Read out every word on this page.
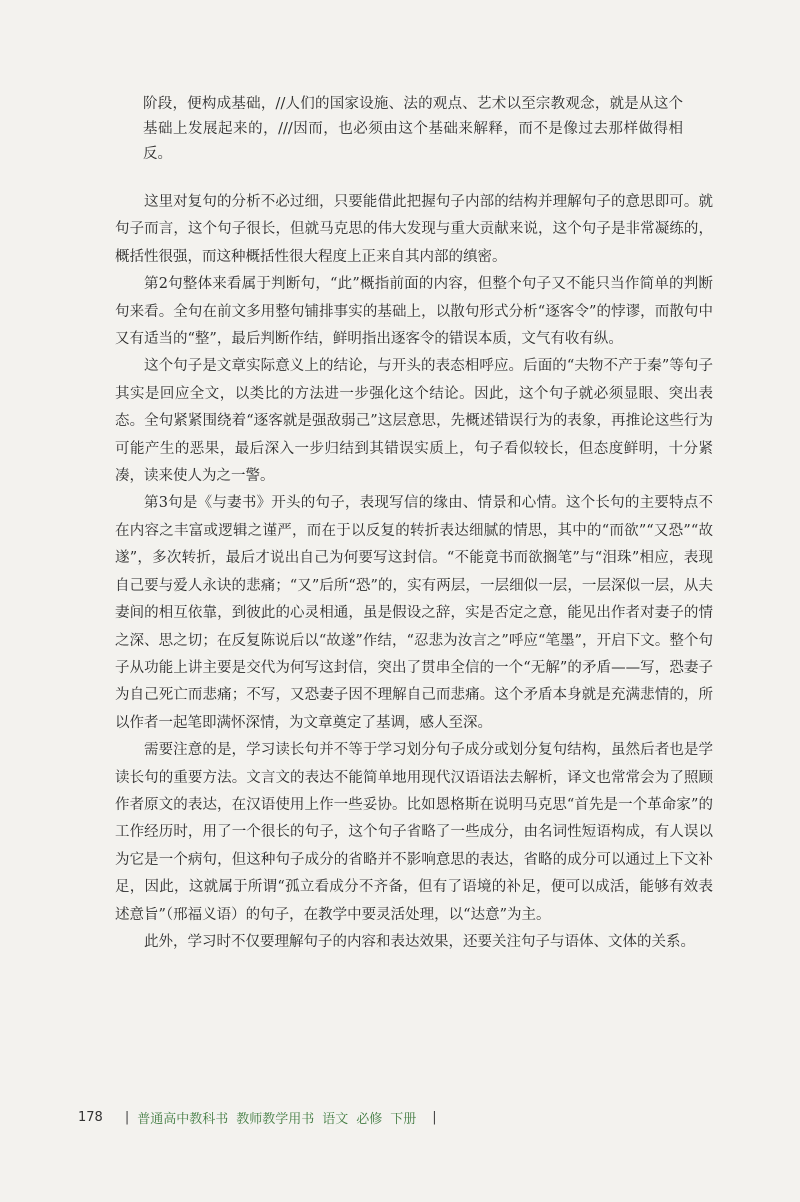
阶段，便构成基础，//人们的国家设施、法的观点、艺术以至宗教观念，就是从这个基础上发展起来的，///因而，也必须由这个基础来解释，而不是像过去那样做得相反。

这里对复句的分析不必过细，只要能借此把握句子内部的结构并理解句子的意思即可。就句子而言，这个句子很长，但就马克思的伟大发现与重大贡献来说，这个句子是非常凝练的，概括性很强，而这种概括性很大程度上正来自其内部的缜密。

第2句整体来看属于判断句，“此”概指前面的内容，但整个句子又不能只当作简单的判断句来看。全句在前文多用整句铺排事实的基础上，以散句形式分析“逐客令”的悖谬，而散句中又有适当的“整”，最后判断作结，鲜明指出逐客令的错误本质，文气有收有纵。

这个句子是文章实际意义上的结论，与开头的表态相呼应。后面的“夫物不产于秦”等句子其实是回应全文，以类比的方法进一步强化这个结论。因此，这个句子就必须显眼、突出表态。全句紧紧围绕着“逐客就是强敌弱己”这层意思，先概述错误行为的表象，再推论这些行为可能产生的恶果，最后深入一步归结到其错误实质上，句子看似较长，但态度鲜明，十分紧凑，读来使人为之一警。

第3句是《与妻书》开头的句子，表现写信的缘由、情景和心情。这个长句的主要特点不在内容之丰富或逻辑之谨严，而在于以反复的转折表达细腻的情思，其中的“而欲”“又恐”“故遂”，多次转折，最后才说出自己为何要写这封信。“不能竟书而欲搁笔”与“泪珠”相应，表现自己要与爱人永诀的悲痛；“又”后所“恐”的，实有两层，一层细似一层，一层深似一层，从夫妻间的相互依靠，到彼此的心灵相通，虽是假设之辞，实是否定之意，能见出作者对妻子的情之深、思之切；在反复陈说后以“故遂”作结，“忍悲为汝言之”呼应“笔墨”，开启下文。整个句子从功能上讲主要是交代为何写这封信，突出了贯串全信的一个“无解”的矛盾——写，恐妻子为自己死亡而悲痛；不写，又恐妻子因不理解自己而悲痛。这个矛盾本身就是充满悲情的，所以作者一起笔即满怀深情，为文章奠定了基调，感人至深。

需要注意的是，学习读长句并不等于学习划分句子成分或划分复句结构，虽然后者也是学读长句的重要方法。文言文的表达不能简单地用现代汉语语法去解析，译文也常常会为了照顾作者原文的表达，在汉语使用上作一些妥协。比如恩格斯在说明马克思“首先是一个革命家”的工作经历时，用了一个很长的句子，这个句子省略了一些成分，由名词性短语构成，有人误以为它是一个病句，但这种句子成分的省略并不影响意思的表达，省略的成分可以通过上下文补足，因此，这就属于所谓“孤立看成分不齐备，但有了语境的补足，便可以成活，能够有效表述意旨”（邢福义语）的句子，在教学中要灵活处理，以“达意”为主。

此外，学习时不仅要理解句子的内容和表达效果，还要关注句子与语体、文体的关系。

178 | 普通高中教科书 教师教学用书 语文 必修 下册 |
